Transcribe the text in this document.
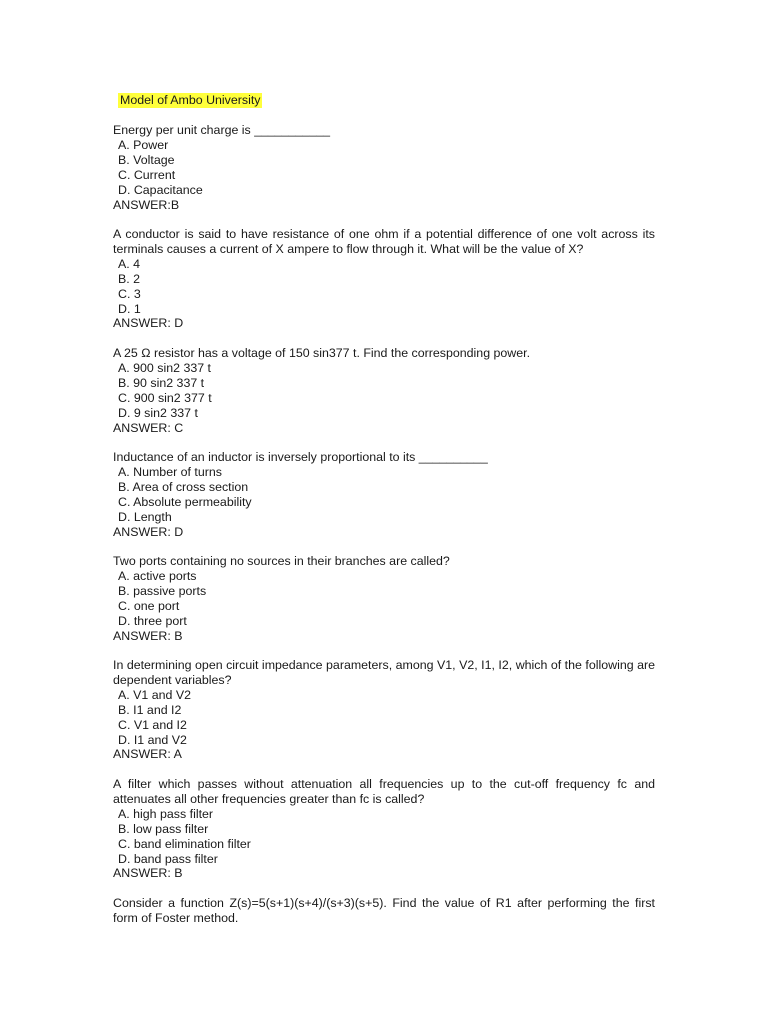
Model of Ambo University

Energy per unit charge is ___________

A. Power
B. Voltage
C. Current
D. Capacitance

ANSWER:B

A conductor is said to have resistance of one ohm if a potential difference of one volt across its terminals causes a current of X ampere to flow through it. What will be the value of X?

A. 4
B. 2
C. 3
D. 1

ANSWER: D

A 25 Ω resistor has a voltage of 150 sin377 t. Find the corresponding power.

A. 900 sin2 337 t
B. 90 sin2 337 t
C. 900 sin2 377 t
D. 9 sin2 337 t

ANSWER: C

Inductance of an inductor is inversely proportional to its __________

A. Number of turns
B. Area of cross section
C. Absolute permeability
D. Length

ANSWER: D

Two ports containing no sources in their branches are called?

A. active ports
B. passive ports
C. one port
D. three port

ANSWER: B

In determining open circuit impedance parameters, among V1, V2, I1, I2, which of the following are dependent variables?

A. V1 and V2
B. I1 and I2
C. V1 and I2
D. I1 and V2

ANSWER: A

A filter which passes without attenuation all frequencies up to the cut-off frequency fc and attenuates all other frequencies greater than fc is called?

A. high pass filter
B. low pass filter
C. band elimination filter
D. band pass filter

ANSWER: B

Consider a function Z(s)=5(s+1)(s+4)/(s+3)(s+5). Find the value of R1 after performing the first form of Foster method.
